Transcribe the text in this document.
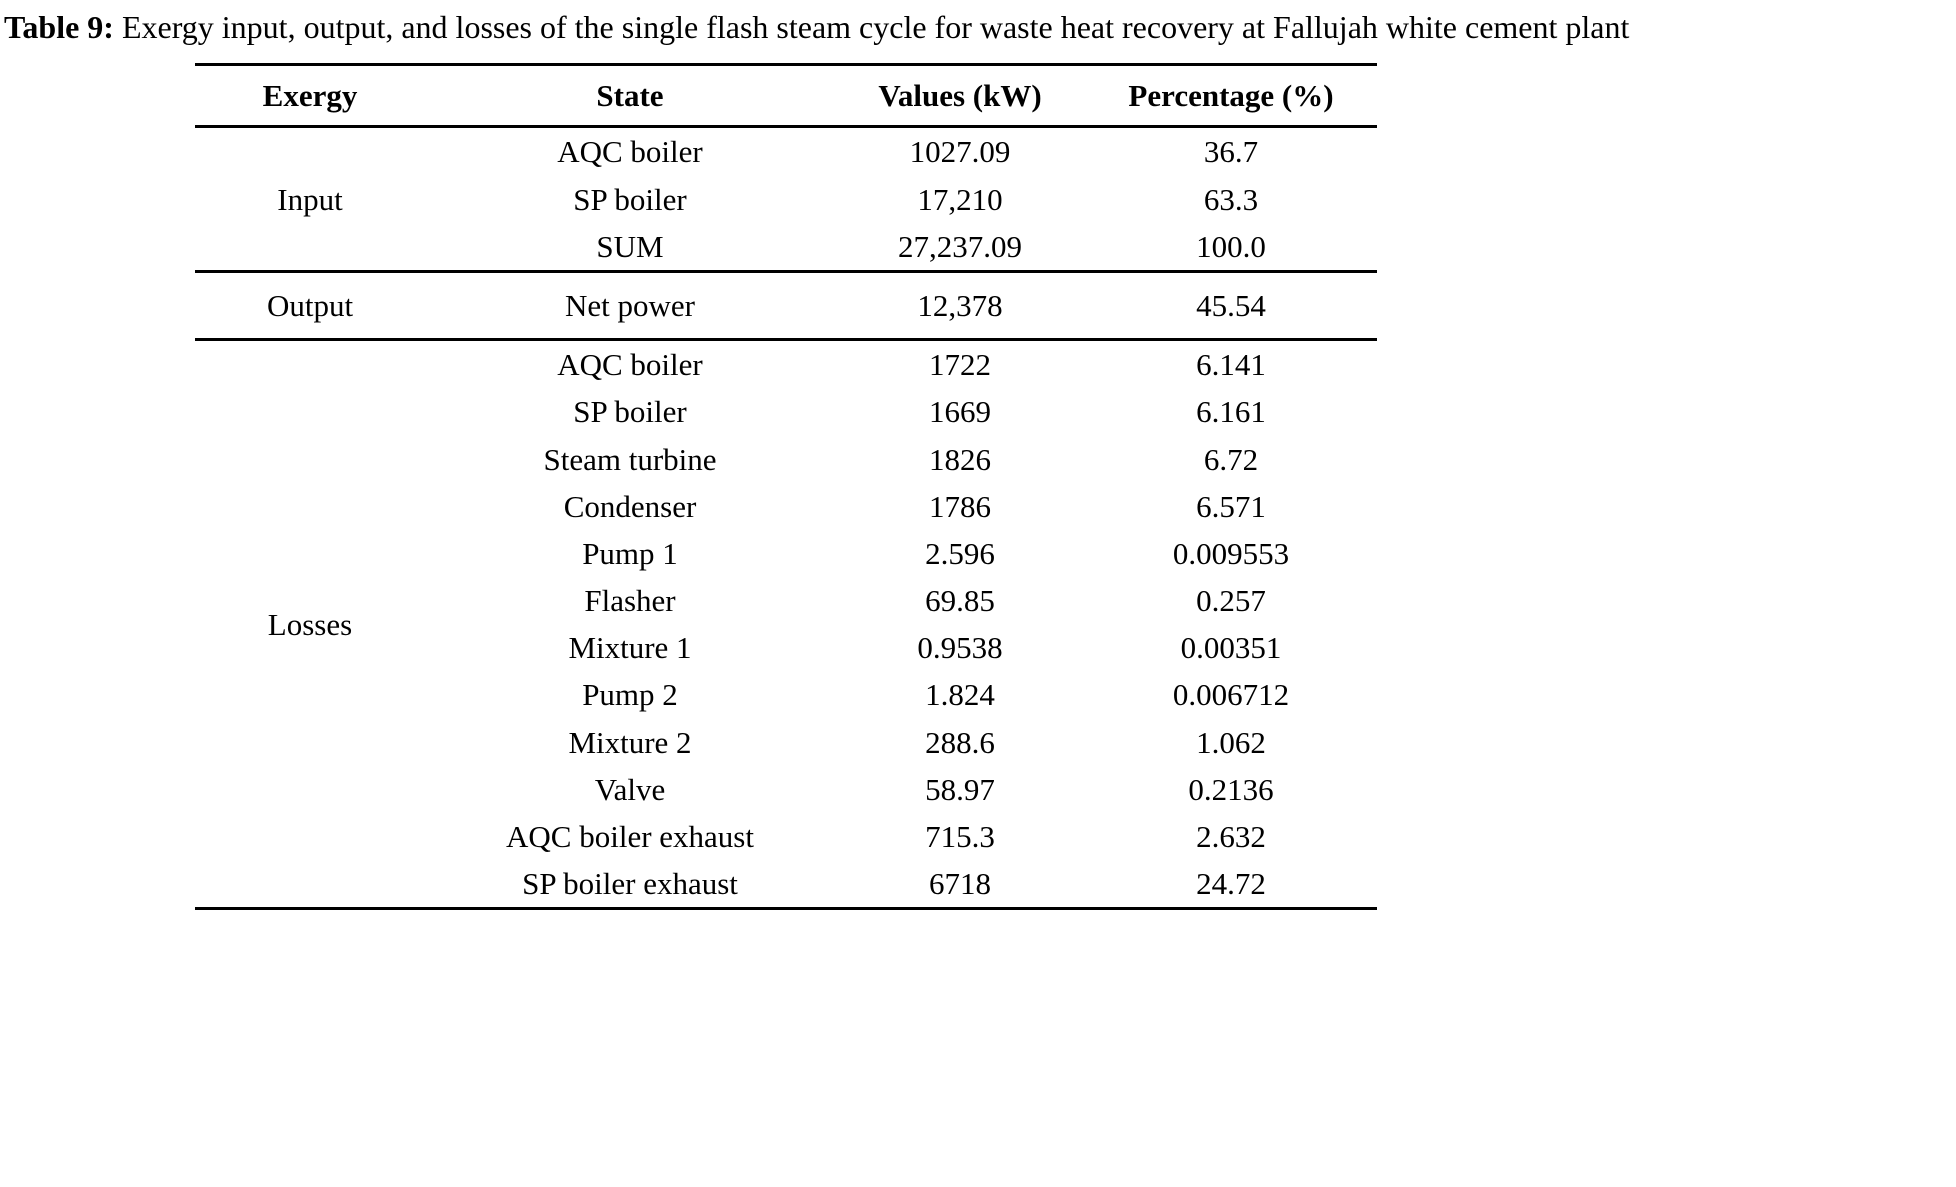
Table 9: Exergy input, output, and losses of the single flash steam cycle for waste heat recovery at Fallujah white cement plant
Exergy	State	Values (kW)	Percentage (%)
Input	AQC boiler	1027.09	36.7
	SP boiler	17,210	63.3
	SUM	27,237.09	100.0
Output	Net power	12,378	45.54
Losses	AQC boiler	1722	6.141
	SP boiler	1669	6.161
	Steam turbine	1826	6.72
	Condenser	1786	6.571
	Pump 1	2.596	0.009553
	Flasher	69.85	0.257
	Mixture 1	0.9538	0.00351
	Pump 2	1.824	0.006712
	Mixture 2	288.6	1.062
	Valve	58.97	0.2136
	AQC boiler exhaust	715.3	2.632
	SP boiler exhaust	6718	24.72
